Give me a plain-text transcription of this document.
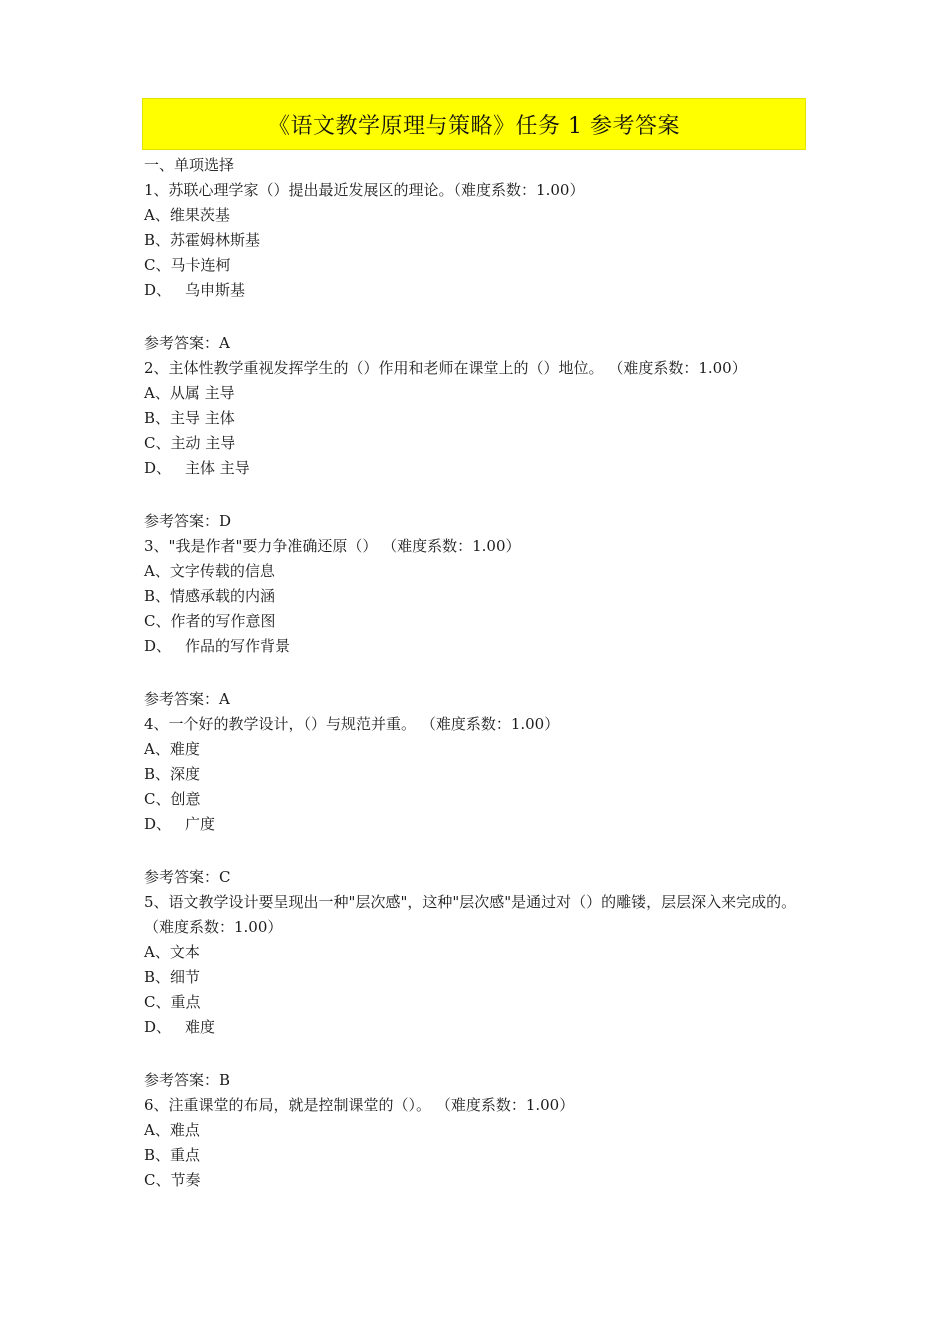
《语文教学原理与策略》任务 1 参考答案
一、单项选择
1、苏联心理学家（）提出最近发展区的理论。（难度系数：1.00）
A、维果茨基
B、苏霍姆林斯基
C、马卡连柯
D、 乌申斯基
参考答案：A
2、主体性教学重视发挥学生的（）作用和老师在课堂上的（）地位。 （难度系数：1.00）
A、从属 主导
B、主导 主体
C、主动 主导
D、 主体 主导
参考答案：D
3、"我是作者"要力争准确还原（） （难度系数：1.00）
A、文字传载的信息
B、情感承载的内涵
C、作者的写作意图
D、 作品的写作背景
参考答案：A
4、一个好的教学设计，（）与规范并重。 （难度系数：1.00）
A、难度
B、深度
C、创意
D、 广度
参考答案：C
5、语文教学设计要呈现出一种"层次感"，这种"层次感"是通过对（）的雕镂，层层深入来完成的。（难度系数：1.00）
A、文本
B、细节
C、重点
D、 难度
参考答案：B
6、注重课堂的布局，就是控制课堂的（）。 （难度系数：1.00）
A、难点
B、重点
C、节奏
